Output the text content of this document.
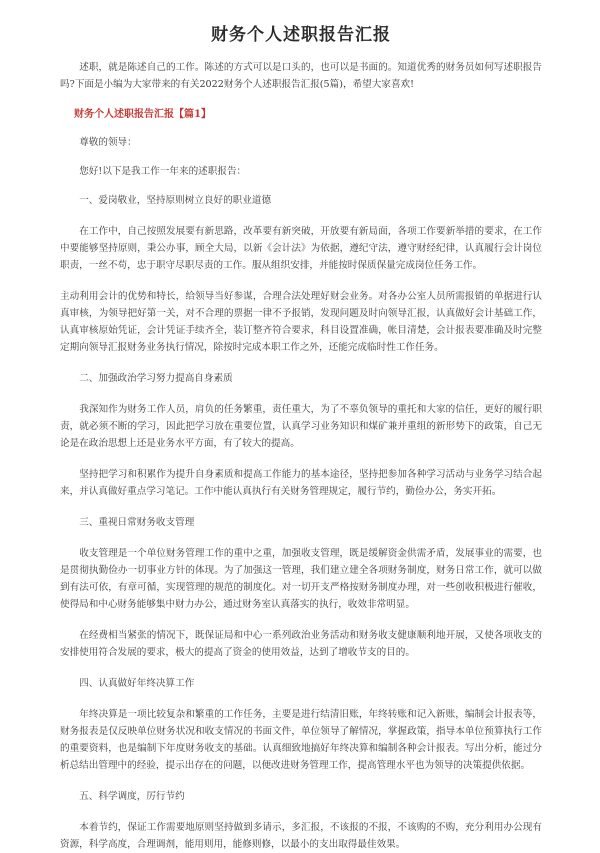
财务个人述职报告汇报

述职，就是陈述自己的工作。陈述的方式可以是口头的，也可以是书面的。知道优秀的财务员如何写述职报告吗?下面是小编为大家带来的有关2022财务个人述职报告汇报(5篇)，希望大家喜欢!

财务个人述职报告汇报【篇1】

尊敬的领导：

您好!以下是我工作一年来的述职报告：

一、爱岗敬业，坚持原则树立良好的职业道德

在工作中，自己按照发展要有新思路，改革要有新突破，开放要有新局面，各项工作要新举措的要求，在工作中要能够坚持原则，秉公办事，顾全大局，以新《会计法》为依据，遵纪守法，遵守财经纪律，认真履行会计岗位职责，一丝不苟，忠于职守尽职尽责的工作。服从组织安排，并能按时保质保量完成岗位任务工作。

主动利用会计的优势和特长，给领导当好参谋，合理合法处理好财会业务。对各办公室人员所需报销的单据进行认真审核，为领导把好第一关，对不合理的票据一律不予报销，发现问题及时向领导汇报，认真做好会计基础工作，认真审核原始凭证，会计凭证手续齐全，装订整齐符合要求，科目设置准确，帐目清楚，会计报表要准确及时完整定期向领导汇报财务业务执行情况，除按时完成本职工作之外，还能完成临时性工作任务。

二、加强政治学习努力提高自身素质

我深知作为财务工作人员，肩负的任务繁重，责任重大，为了不辜负领导的重托和大家的信任，更好的履行职责，就必须不断的学习，因此把学习放在重要位置，认真学习业务知识和煤矿兼并重组的新形势下的政策，自己无论是在政治思想上还是业务水平方面，有了较大的提高。

坚持把学习和积累作为提升自身素质和提高工作能力的基本途径，坚持把参加各种学习活动与业务学习结合起来，并认真做好重点学习笔记。工作中能认真执行有关财务管理规定，履行节约，勤俭办公，务实开拓。

三、重视日常财务收支管理

收支管理是一个单位财务管理工作的重中之重，加强收支管理，既是缓解资金供需矛盾，发展事业的需要，也是贯彻执勤俭办一切事业方针的体现。为了加强这一管理，我们建立建全各项财务制度，财务日常工作，就可以做到有法可依，有章可循，实现管理的规范的制度化。对一切开支严格按财务制度办理，对一些创收积极进行催收，使得局和中心财务能够集中财力办公，通过财务室认真落实的执行，收效非常明显。

在经费相当紧张的情况下，既保证局和中心一系列政治业务活动和财务收支健康顺利地开展，又使各项收支的安排使用符合发展的要求，极大的提高了资金的使用效益，达到了增收节支的目的。

四、认真做好年终决算工作

年终决算是一项比较复杂和繁重的工作任务，主要是进行结清旧账，年终转账和记入新账，编制会计报表等，财务报表是仅反映单位财务状况和收支情况的书面文件，单位领导了解情况，掌握政策，指导本单位预算执行工作的重要资料，也是编制下年度财务收支的基础。认真细致地搞好年终决算和编制各种会计报表。写出分析，能过分析总结出管理中的经验，提示出存在的问题，以便改进财务管理工作，提高管理水平也为领导的决策提供依据。

五、科学调度，厉行节约

本着节约，保证工作需要地原则坚持做到多请示，多汇报，不该报的不报，不该购的不购，充分利用办公现有资源，科学高度，合理调剂，能用则用，能修则修，以最小的支出取得最佳效果。
